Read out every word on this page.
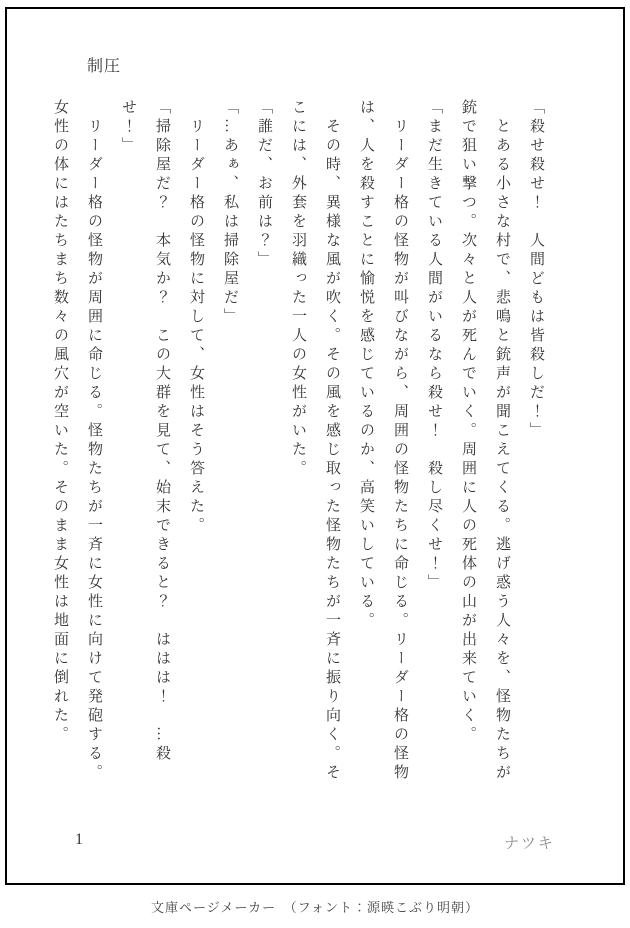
制圧

「殺せ殺せ！　人間どもは皆殺しだ！」

とある小さな村で、悲鳴と銃声が聞こえてくる。逃げ惑う人々を、怪物たちが銃で狙い撃つ。次々と人が死んでいく。周囲に人の死体の山が出来ていく。

「まだ生きている人間がいるなら殺せ！　殺し尽くせ！」

リーダー格の怪物が叫びながら、周囲の怪物たちに命じる。リーダー格の怪物は、人を殺すことに愉悦を感じているのか、高笑いしている。

その時、異様な風が吹く。その風を感じ取った怪物たちが一斉に振り向く。そこには、外套を羽織った一人の女性がいた。

「誰だ、お前は？」

「…あぁ、私は掃除屋だ」

リーダー格の怪物に対して、女性はそう答えた。

「掃除屋だ？　本気か？　この大群を見て、始末できると？　ははは！　…殺せ！」

リーダー格の怪物が周囲に命じる。怪物たちが一斉に女性に向けて発砲する。女性の体にはたちまち数々の風穴が空いた。そのまま女性は地面に倒れた。

1	ナツキ
文庫ページメーカー　（フォント：源暎こぶり明朝）
